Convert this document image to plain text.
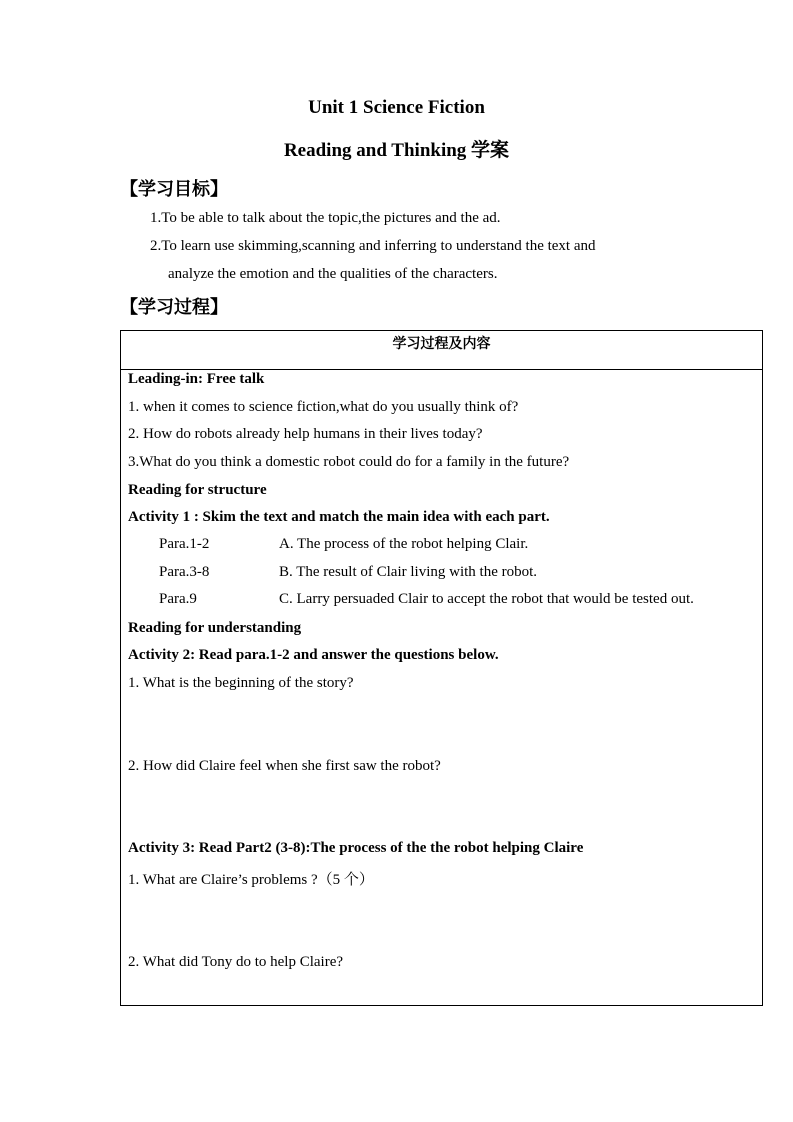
Unit 1 Science Fiction
Reading and Thinking 学案
【学习目标】
1.To be able to talk about the topic,the pictures and the ad.
2.To learn use skimming,scanning and inferring to understand the text and
analyze the emotion and the qualities of the characters.
【学习过程】
学习过程及内容
Leading-in: Free talk
1. when it comes to science fiction,what do you usually think of?
2. How do robots already help humans in their lives today?
3.What do you think a domestic robot could do for a family in the future?
Reading for structure
Activity 1 : Skim the text and match the main idea with each part.
Para.1-2	A. The process of the robot helping Clair.
Para.3-8	B. The result of Clair living with the robot.
Para.9	C. Larry persuaded Clair to accept the robot that would be tested out.
Reading for understanding
Activity 2: Read para.1-2 and answer the questions below.
1. What is the beginning of the story?
2. How did Claire feel when she first saw the robot?
Activity 3: Read Part2 (3-8):The process of the the robot helping Claire
1. What are Claire’s problems ?（5 个）
2. What did Tony do to help Claire?
